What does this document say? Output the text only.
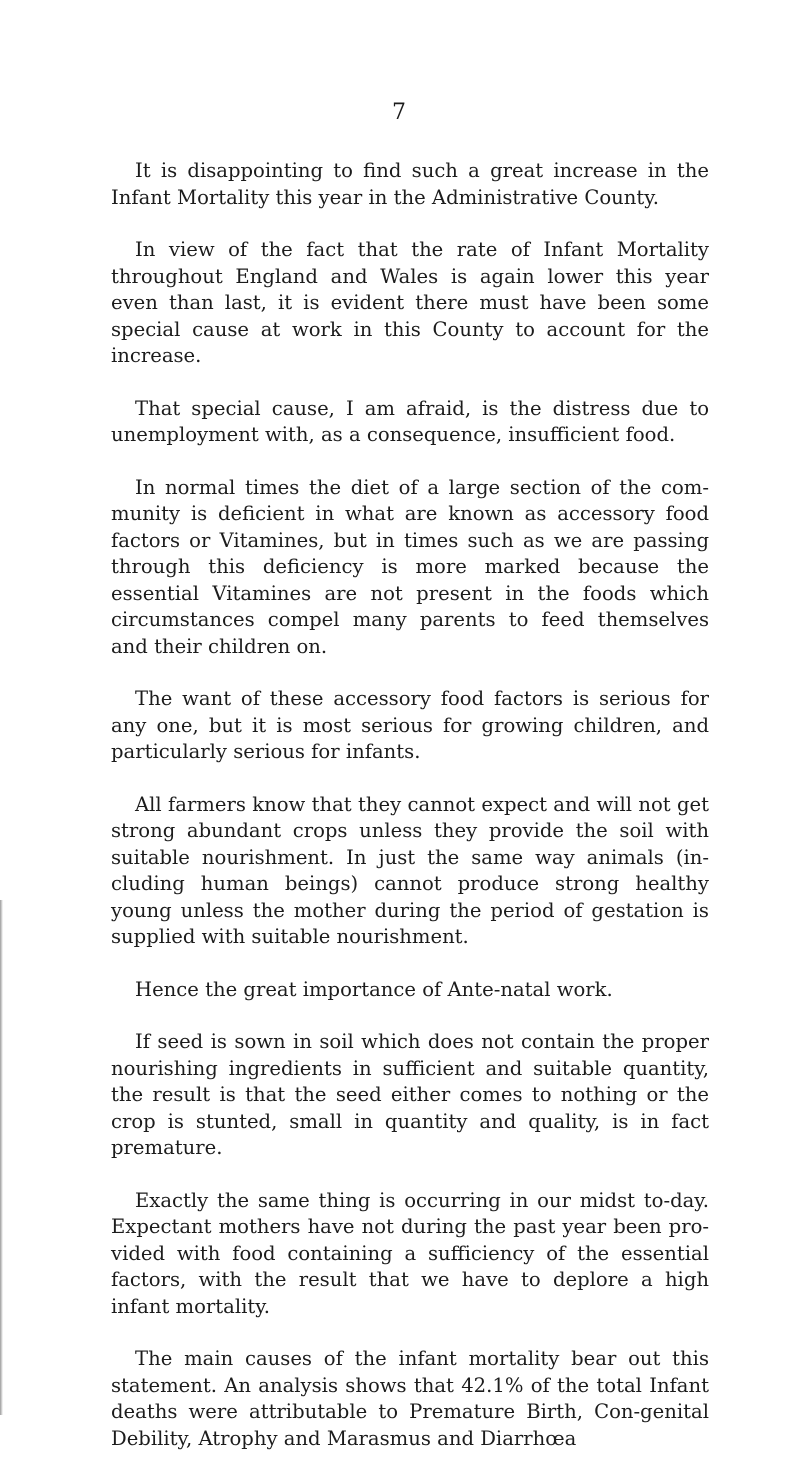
7

It is disappointing to find such a great increase in the Infant Mortality this year in the Administrative County.

In view of the fact that the rate of Infant Mortality throughout England and Wales is again lower this year even than last, it is evident there must have been some special cause at work in this County to account for the increase.

That special cause, I am afraid, is the distress due to unemployment with, as a consequence, insufficient food.

In normal times the diet of a large section of the com-munity is deficient in what are known as accessory food factors or Vitamines, but in times such as we are passing through this deficiency is more marked because the essential Vitamines are not present in the foods which circumstances compel many parents to feed themselves and their children on.

The want of these accessory food factors is serious for any one, but it is most serious for growing children, and particularly serious for infants.

All farmers know that they cannot expect and will not get strong abundant crops unless they provide the soil with suitable nourishment. In just the same way animals (in-cluding human beings) cannot produce strong healthy young unless the mother during the period of gestation is supplied with suitable nourishment.

Hence the great importance of Ante-natal work.

If seed is sown in soil which does not contain the proper nourishing ingredients in sufficient and suitable quantity, the result is that the seed either comes to nothing or the crop is stunted, small in quantity and quality, is in fact premature.

Exactly the same thing is occurring in our midst to-day. Expectant mothers have not during the past year been pro-vided with food containing a sufficiency of the essential factors, with the result that we have to deplore a high infant mortality.

The main causes of the infant mortality bear out this statement. An analysis shows that 42.1% of the total Infant deaths were attributable to Premature Birth, Con-genital Debility, Atrophy and Marasmus and Diarrhœa
